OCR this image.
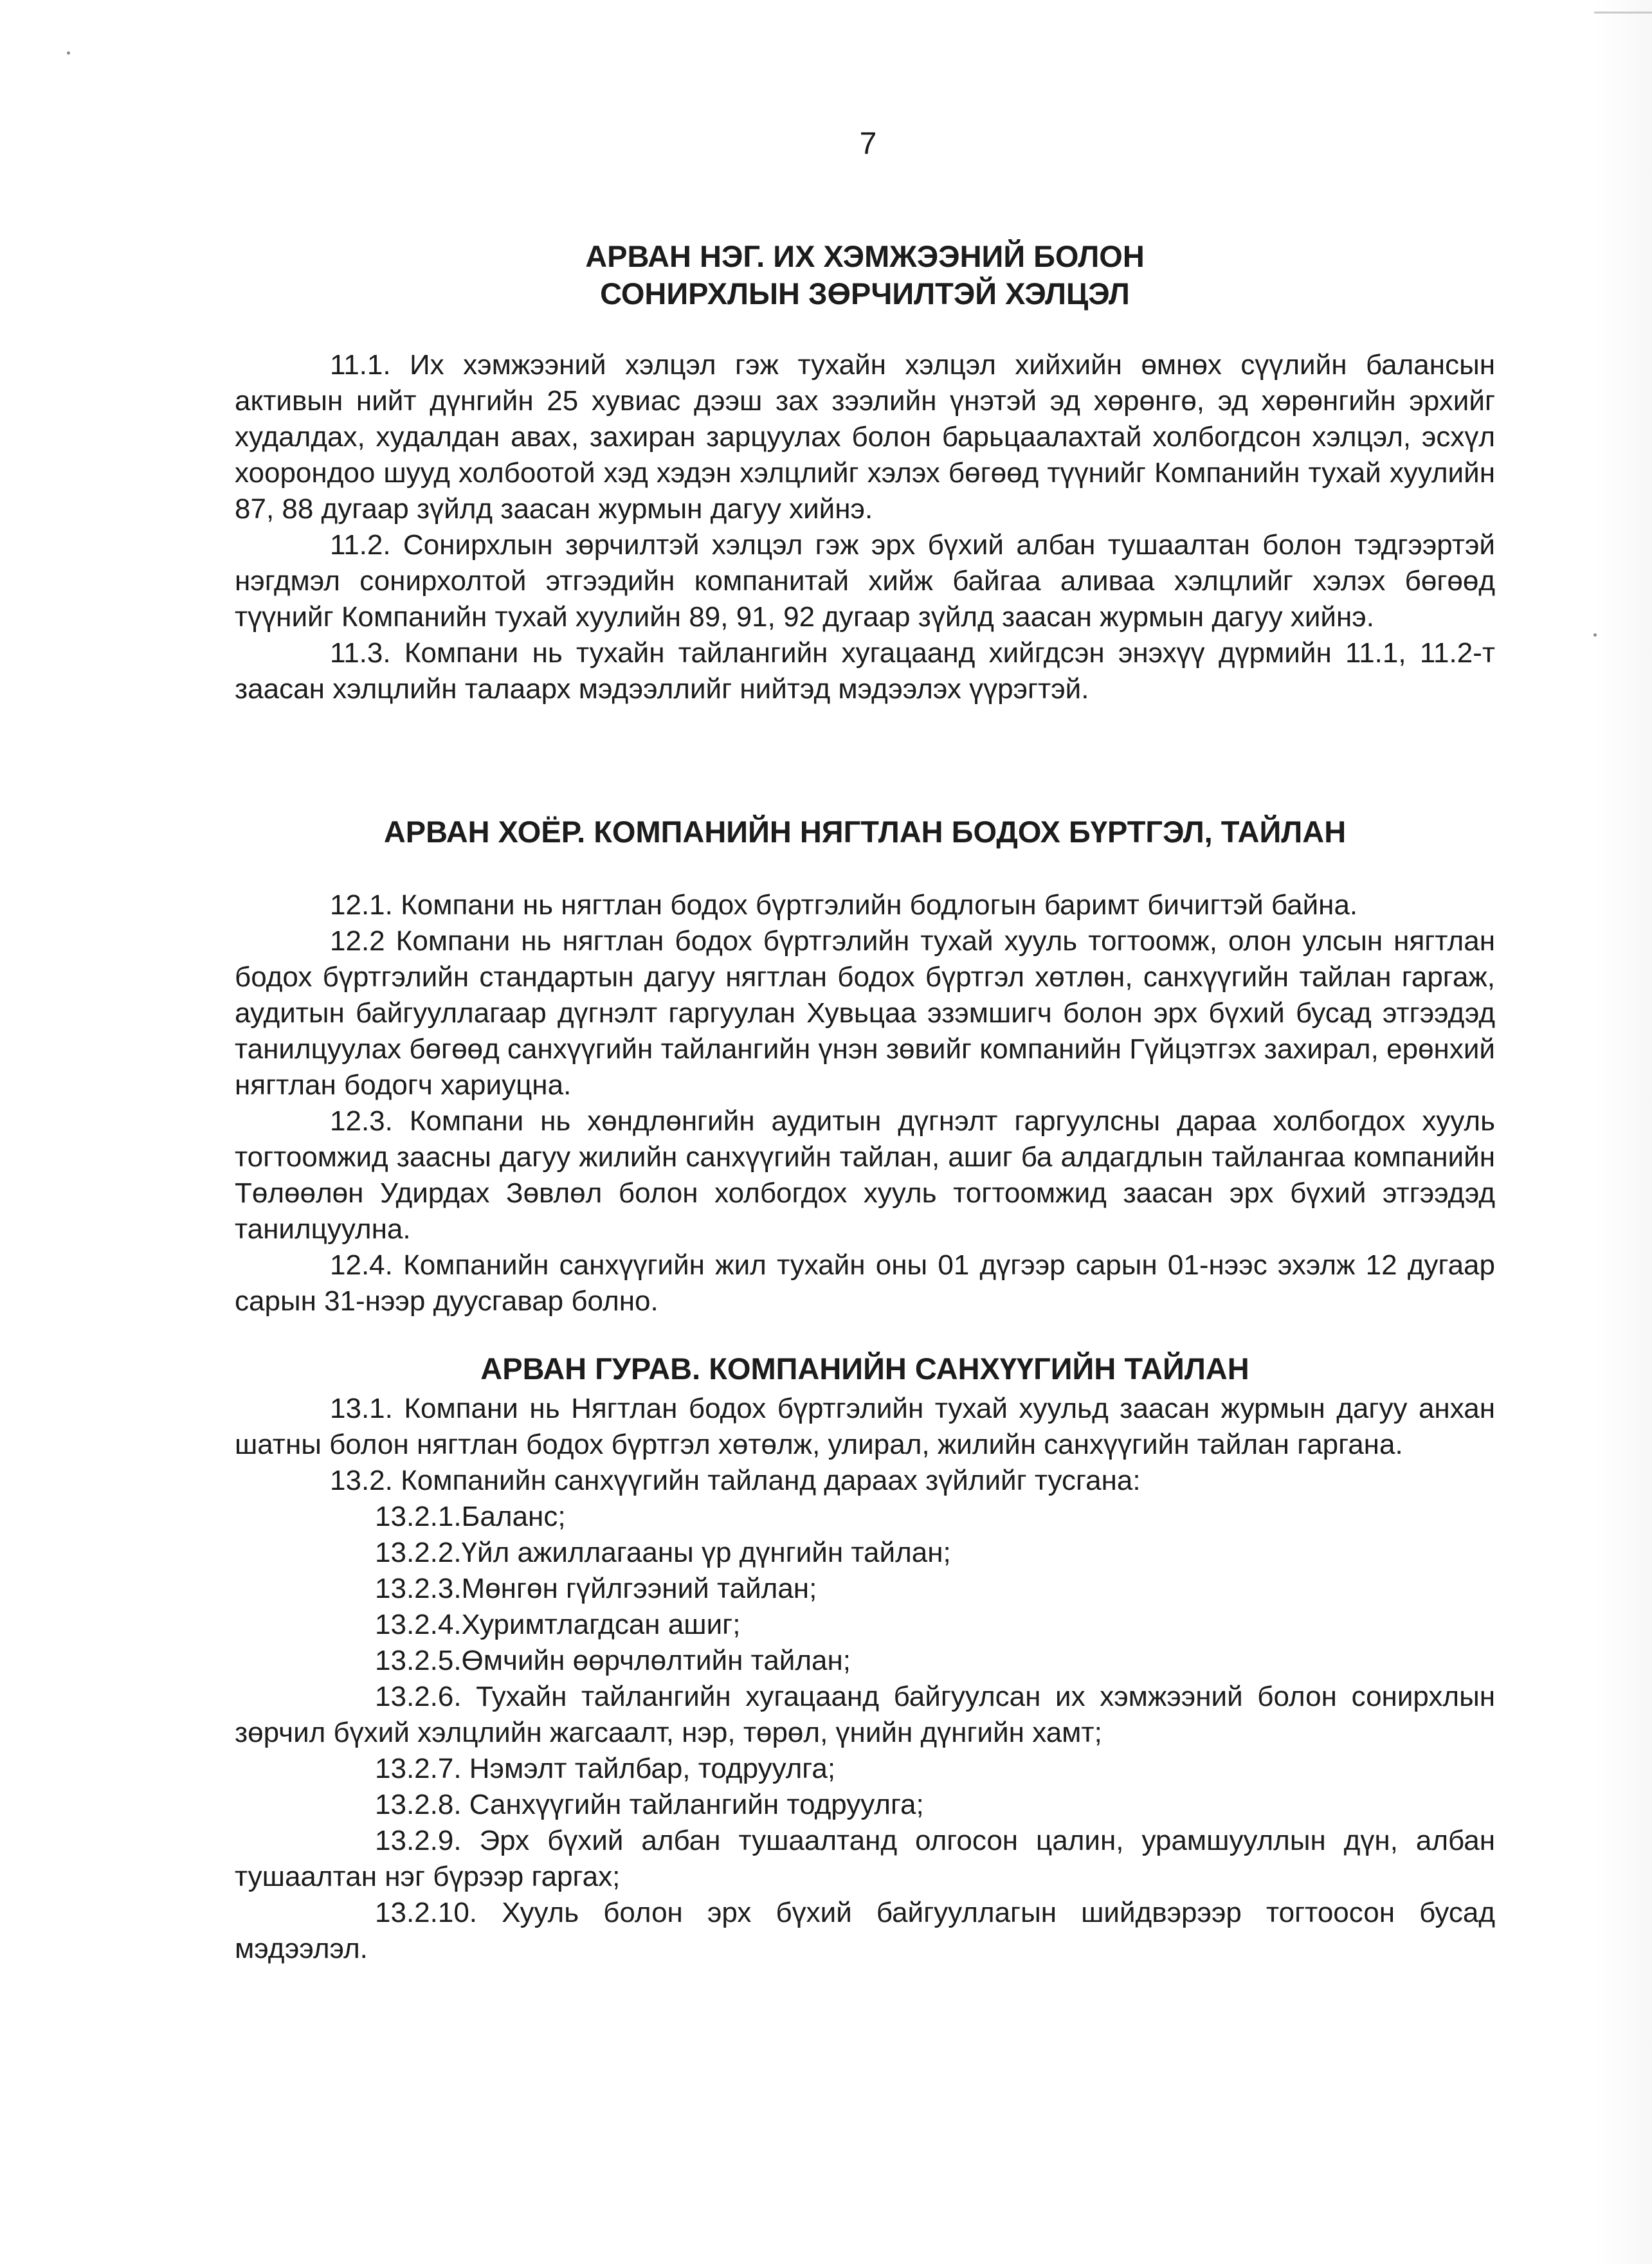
7
АРВАН НЭГ. ИХ ХЭМЖЭЭНИЙ БОЛОН
СОНИРХЛЫН ЗӨРЧИЛТЭЙ ХЭЛЦЭЛ

11.1. Их хэмжээний хэлцэл гэж тухайн хэлцэл хийхийн өмнөх сүүлийн балансын активын нийт дүнгийн 25 хувиас дээш зах зээлийн үнэтэй эд хөрөнгө, эд хөрөнгийн эрхийг худалдах, худалдан авах, захиран зарцуулах болон барьцаалахтай холбогдсон хэлцэл, эсхүл хоорондоо шууд холбоотой хэд хэдэн хэлцлийг хэлэх бөгөөд түүнийг Компанийн тухай хуулийн 87, 88 дугаар зүйлд заасан журмын дагуу хийнэ.

11.2. Сонирхлын зөрчилтэй хэлцэл гэж эрх бүхий албан тушаалтан болон тэдгээртэй нэгдмэл сонирхолтой этгээдийн компанитай хийж байгаа аливаа хэлцлийг хэлэх бөгөөд түүнийг Компанийн тухай хуулийн 89, 91, 92 дугаар зүйлд заасан журмын дагуу хийнэ.

11.3. Компани нь тухайн тайлангийн хугацаанд хийгдсэн энэхүү дүрмийн 11.1, 11.2-т заасан хэлцлийн талаарх мэдээллийг нийтэд мэдээлэх үүрэгтэй.

АРВАН ХОЁР. КОМПАНИЙН НЯГТЛАН БОДОХ БҮРТГЭЛ, ТАЙЛАН

12.1. Компани нь нягтлан бодох бүртгэлийн бодлогын баримт бичигтэй байна.

12.2 Компани нь нягтлан бодох бүртгэлийн тухай хууль тогтоомж, олон улсын нягтлан бодох бүртгэлийн стандартын дагуу нягтлан бодох бүртгэл хөтлөн, санхүүгийн тайлан гаргаж, аудитын байгууллагаар дүгнэлт гаргуулан Хувьцаа эзэмшигч болон эрх бүхий бусад этгээдэд танилцуулах бөгөөд санхүүгийн тайлангийн үнэн зөвийг компанийн Гүйцэтгэх захирал, ерөнхий нягтлан бодогч хариуцна.

12.3. Компани нь хөндлөнгийн аудитын дүгнэлт гаргуулсны дараа холбогдох хууль тогтоомжид заасны дагуу жилийн санхүүгийн тайлан, ашиг ба алдагдлын тайлангаа компанийн Төлөөлөн Удирдах Зөвлөл болон холбогдох хууль тогтоомжид заасан эрх бүхий этгээдэд танилцуулна.

12.4. Компанийн санхүүгийн жил тухайн оны 01 дүгээр сарын 01-нээс эхэлж 12 дугаар сарын 31-нээр дуусгавар болно.

АРВАН ГУРАВ. КОМПАНИЙН САНХҮҮГИЙН ТАЙЛАН

13.1. Компани нь Нягтлан бодох бүртгэлийн тухай хуульд заасан журмын дагуу анхан шатны болон нягтлан бодох бүртгэл хөтөлж, улирал, жилийн санхүүгийн тайлан гаргана.

13.2. Компанийн санхүүгийн тайланд дараах зүйлийг тусгана:

13.2.1.Баланс;

13.2.2.Үйл ажиллагааны үр дүнгийн тайлан;

13.2.3.Мөнгөн гүйлгээний тайлан;

13.2.4.Хуримтлагдсан ашиг;

13.2.5.Өмчийн өөрчлөлтийн тайлан;

13.2.6. Тухайн тайлангийн хугацаанд байгуулсан их хэмжээний болон сонирхлын зөрчил бүхий хэлцлийн жагсаалт, нэр, төрөл, үнийн дүнгийн хамт;

13.2.7. Нэмэлт тайлбар, тодруулга;

13.2.8. Санхүүгийн тайлангийн тодруулга;

13.2.9. Эрх бүхий албан тушаалтанд олгосон цалин, урамшууллын дүн, албан тушаалтан нэг бүрээр гаргах;

13.2.10. Хууль болон эрх бүхий байгууллагын шийдвэрээр тогтоосон бусад мэдээлэл.
